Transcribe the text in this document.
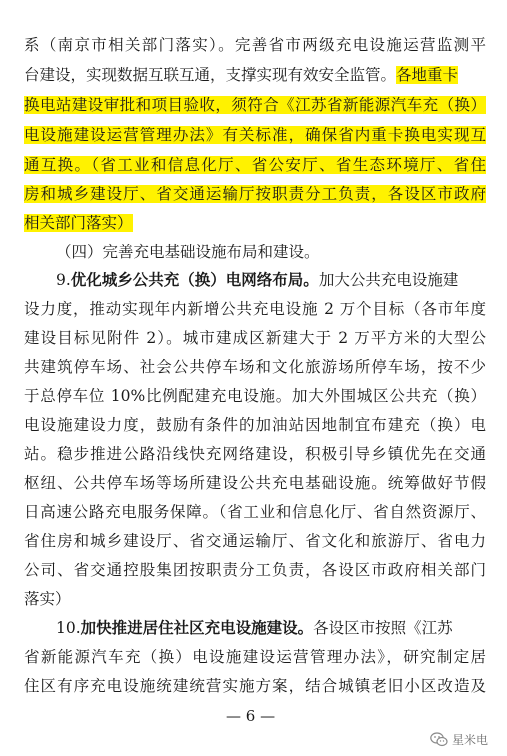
系（南京市相关部门落实）。完善省市两级充电设施运营监测平
台建设，实现数据互联互通，支撑实现有效安全监管。各地重卡
换电站建设审批和项目验收，须符合《江苏省新能源汽车充（换）
电设施建设运营管理办法》有关标准，确保省内重卡换电实现互
通互换。（省工业和信息化厅、省公安厅、省生态环境厅、省住
房和城乡建设厅、省交通运输厅按职责分工负责，各设区市政府
相关部门落实）
（四）完善充电基础设施布局和建设。
9.优化城乡公共充（换）电网络布局。加大公共充电设施建
设力度，推动实现年内新增公共充电设施 2 万个目标（各市年度
建设目标见附件 2）。城市建成区新建大于 2 万平方米的大型公
共建筑停车场、社会公共停车场和文化旅游场所停车场，按不少
于总停车位 10%比例配建充电设施。加大外围城区公共充（换）
电设施建设力度，鼓励有条件的加油站因地制宜布建充（换）电
站。稳步推进公路沿线快充网络建设，积极引导乡镇优先在交通
枢纽、公共停车场等场所建设公共充电基础设施。统筹做好节假
日高速公路充电服务保障。（省工业和信息化厅、省自然资源厅、
省住房和城乡建设厅、省交通运输厅、省文化和旅游厅、省电力
公司、省交通控股集团按职责分工负责，各设区市政府相关部门
落实）
10.加快推进居住社区充电设施建设。各设区市按照《江苏
省新能源汽车充（换）电设施建设运营管理办法》，研究制定居
住区有序充电设施统建统营实施方案，结合城镇老旧小区改造及
— 6 —
星米电
